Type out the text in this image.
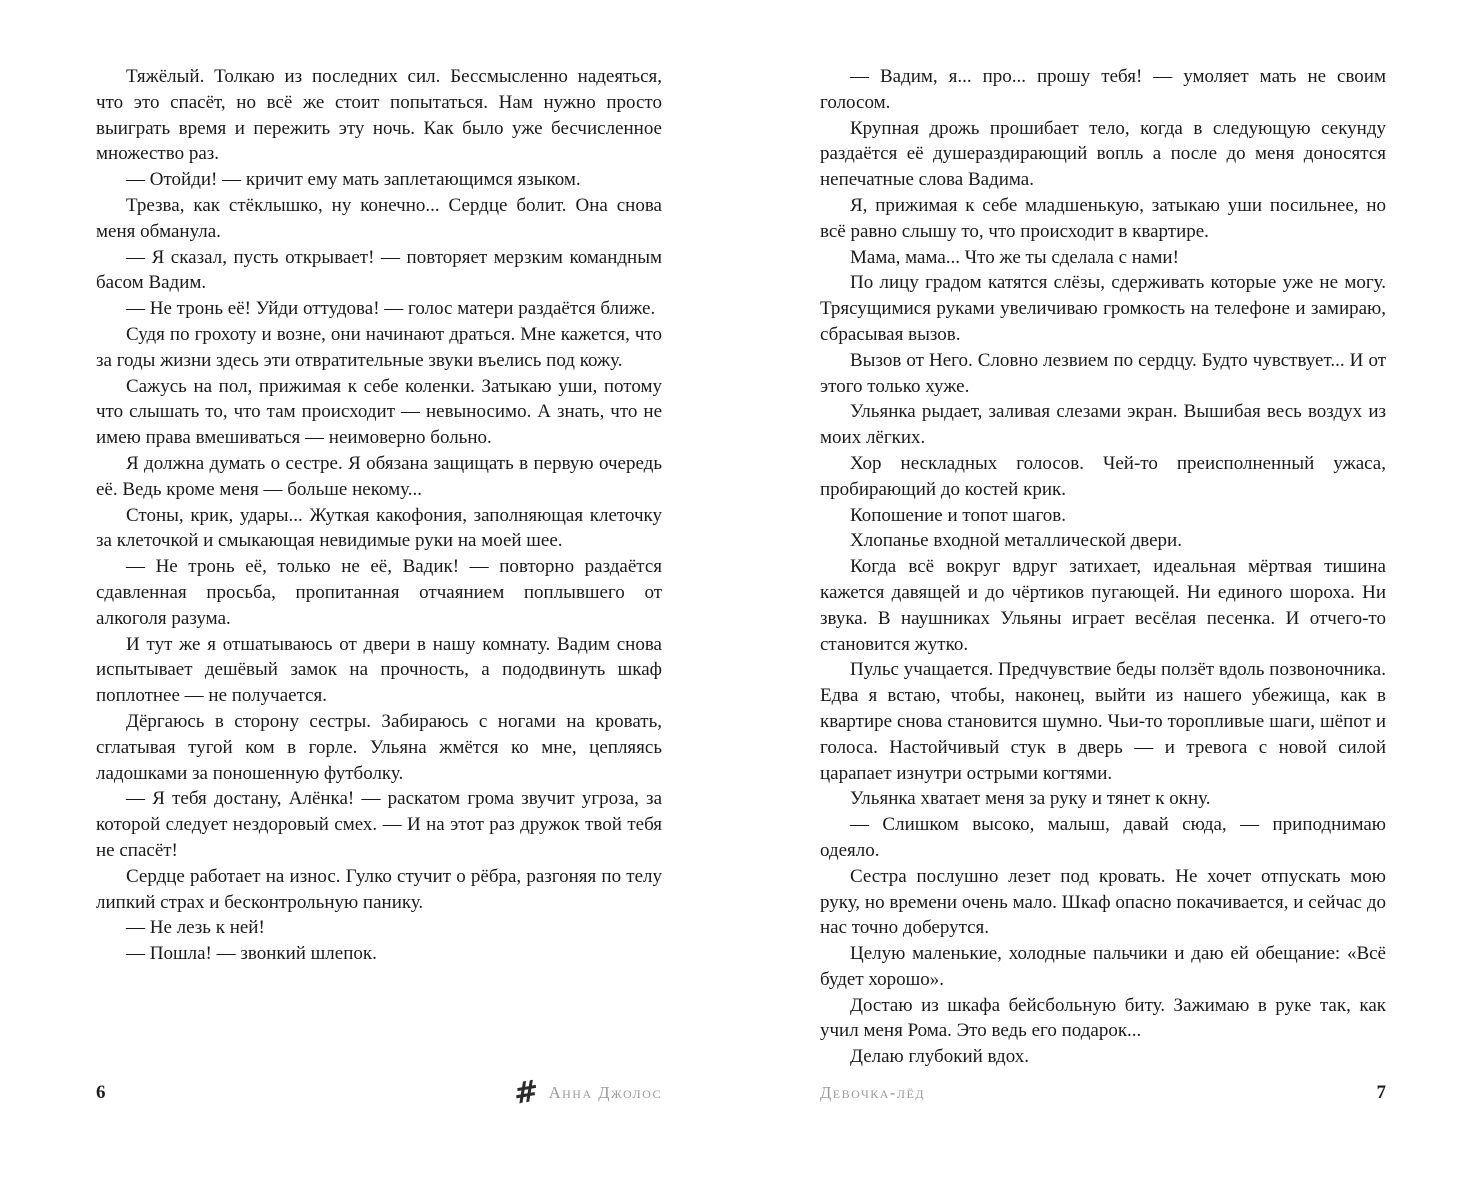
Тяжёлый. Толкаю из последних сил. Бессмысленно надеяться, что это спасёт, но всё же стоит попытаться. Нам нужно просто выиграть время и пережить эту ночь. Как было уже бесчисленное множество раз.

— Отойди! — кричит ему мать заплетающимся языком.

Трезва, как стёклышко, ну конечно... Сердце болит. Она снова меня обманула.

— Я сказал, пусть открывает! — повторяет мерзким командным басом Вадим.

— Не тронь её! Уйди оттудова! — голос матери раздаётся ближе.

Судя по грохоту и возне, они начинают драться. Мне кажется, что за годы жизни здесь эти отвратительные звуки въелись под кожу.

Сажусь на пол, прижимая к себе коленки. Затыкаю уши, потому что слышать то, что там происходит — невыносимо. А знать, что не имею права вмешиваться — неимоверно больно.

Я должна думать о сестре. Я обязана защищать в первую очередь её. Ведь кроме меня — больше некому...

Стоны, крик, удары... Жуткая какофония, заполняющая клеточку за клеточкой и смыкающая невидимые руки на моей шее.

— Не тронь её, только не её, Вадик! — повторно раздаётся сдавленная просьба, пропитанная отчаянием поплывшего от алкоголя разума.

И тут же я отшатываюсь от двери в нашу комнату. Вадим снова испытывает дешёвый замок на прочность, а пододвинуть шкаф поплотнее — не получается.

Дёргаюсь в сторону сестры. Забираюсь с ногами на кровать, сглатывая тугой ком в горле. Ульяна жмётся ко мне, цепляясь ладошками за поношенную футболку.

— Я тебя достану, Алёнка! — раскатом грома звучит угроза, за которой следует нездоровый смех. — И на этот раз дружок твой тебя не спасёт!

Сердце работает на износ. Гулко стучит о рёбра, разгоняя по телу липкий страх и бесконтрольную панику.

— Не лезь к ней!

— Пошла! — звонкий шлепок.

6	# Анна Джолос

— Вадим, я... про... прошу тебя! — умоляет мать не своим голосом.

Крупная дрожь прошибает тело, когда в следующую секунду раздаётся её душераздирающий вопль а после до меня доносятся непечатные слова Вадима.

Я, прижимая к себе младшенькую, затыкаю уши посильнее, но всё равно слышу то, что происходит в квартире.

Мама, мама... Что же ты сделала с нами!

По лицу градом катятся слёзы, сдерживать которые уже не могу. Трясущимися руками увеличиваю громкость на телефоне и замираю, сбрасывая вызов.

Вызов от Него. Словно лезвием по сердцу. Будто чувствует... И от этого только хуже.

Ульянка рыдает, заливая слезами экран. Вышибая весь воздух из моих лёгких.

Хор нескладных голосов. Чей-то преисполненный ужаса, пробирающий до костей крик.

Копошение и топот шагов.

Хлопанье входной металлической двери.

Когда всё вокруг вдруг затихает, идеальная мёртвая тишина кажется давящей и до чёртиков пугающей. Ни единого шороха. Ни звука. В наушниках Ульяны играет весёлая песенка. И отчего-то становится жутко.

Пульс учащается. Предчувствие беды ползёт вдоль позвоночника. Едва я встаю, чтобы, наконец, выйти из нашего убежища, как в квартире снова становится шумно. Чьи-то торопливые шаги, шёпот и голоса. Настойчивый стук в дверь — и тревога с новой силой царапает изнутри острыми когтями.

Ульянка хватает меня за руку и тянет к окну.

— Слишком высоко, малыш, давай сюда, — приподнимаю одеяло.

Сестра послушно лезет под кровать. Не хочет отпускать мою руку, но времени очень мало. Шкаф опасно покачивается, и сейчас до нас точно доберутся.

Целую маленькие, холодные пальчики и даю ей обещание: «Всё будет хорошо».

Достаю из шкафа бейсбольную биту. Зажимаю в руке так, как учил меня Рома. Это ведь его подарок...

Делаю глубокий вдох.

Девочка-лёд	7
